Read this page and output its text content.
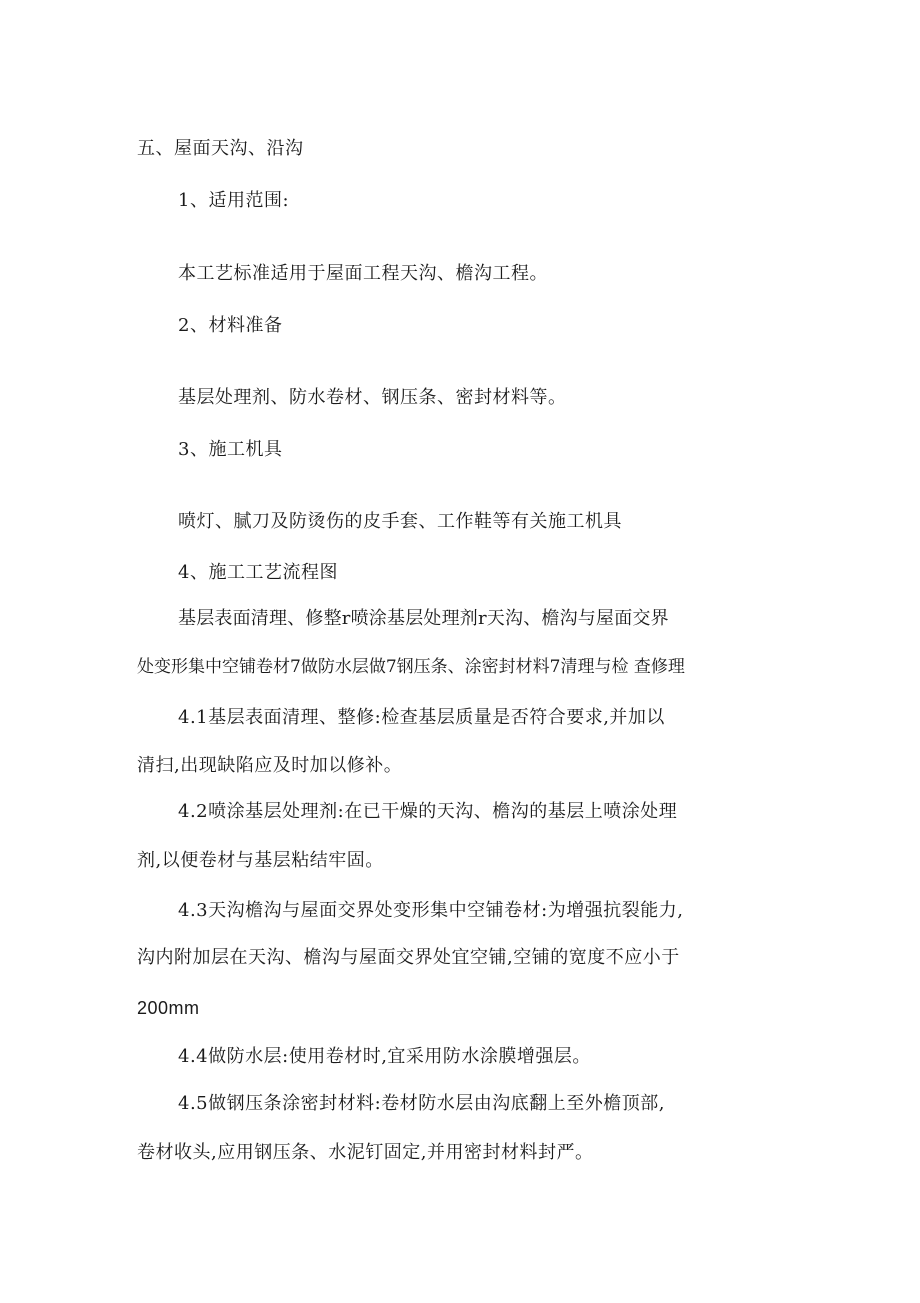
五、屋面天沟、沿沟
1、适用范围:
本工艺标准适用于屋面工程天沟、檐沟工程。
2、材料准备
基层处理剂、防水卷材、钢压条、密封材料等。
3、施工机具
喷灯、腻刀及防烫伤的皮手套、工作鞋等有关施工机具
4、施工工艺流程图
基层表面清理、修整r喷涂基层处理剂r天沟、檐沟与屋面交界
处变形集中空铺卷材7做防水层做7钢压条、涂密封材料7清理与检 查修理
4.1基层表面清理、整修:检查基层质量是否符合要求,并加以
清扫,出现缺陷应及时加以修补。
4.2喷涂基层处理剂:在已干燥的天沟、檐沟的基层上喷涂处理
剂,以便卷材与基层粘结牢固。
4.3天沟檐沟与屋面交界处变形集中空铺卷材:为增强抗裂能力,
沟内附加层在天沟、檐沟与屋面交界处宜空铺,空铺的宽度不应小于
200mm
4.4做防水层:使用卷材时,宜采用防水涂膜增强层。
4.5做钢压条涂密封材料:卷材防水层由沟底翻上至外檐顶部,
卷材收头,应用钢压条、水泥钉固定,并用密封材料封严。
